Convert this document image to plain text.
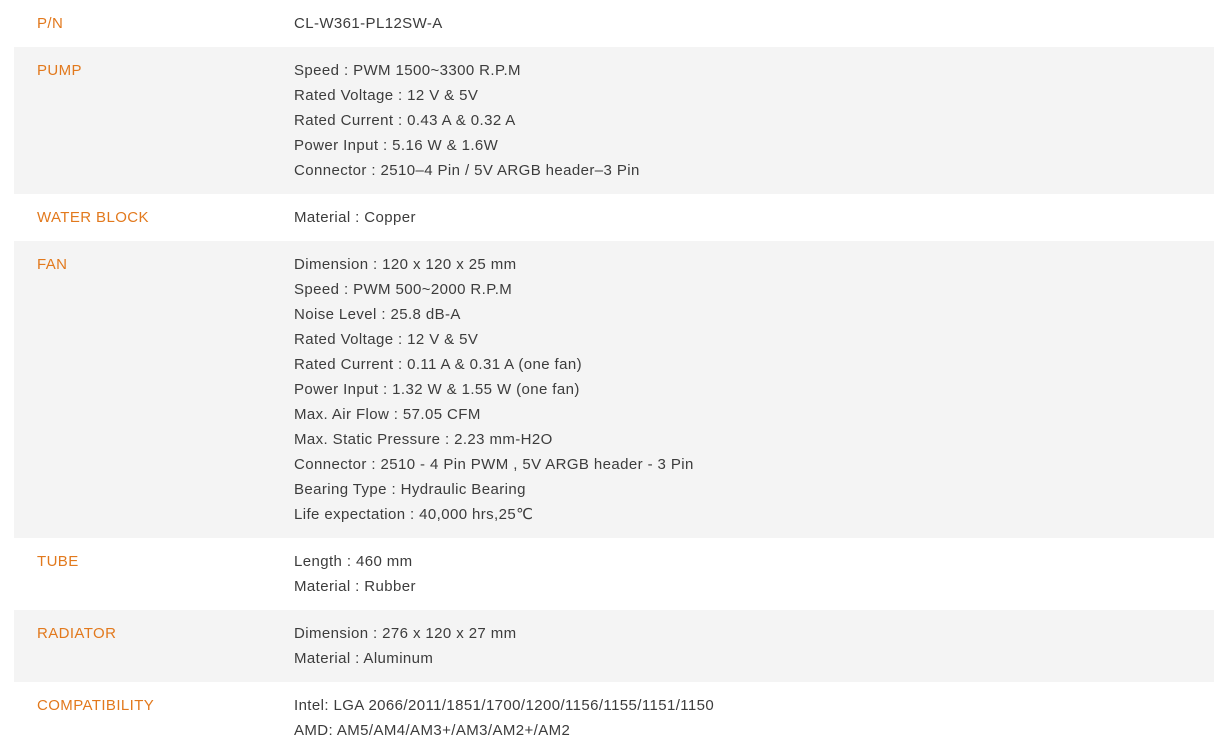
P/N	CL-W361-PL12SW-A
PUMP	Speed : PWM 1500~3300 R.P.M
Rated Voltage : 12 V & 5V
Rated Current : 0.43 A & 0.32 A
Power Input : 5.16 W & 1.6W
Connector : 2510–4 Pin / 5V ARGB header–3 Pin
WATER BLOCK	Material : Copper
FAN	Dimension : 120 x 120 x 25 mm
Speed : PWM 500~2000 R.P.M
Noise Level : 25.8 dB-A
Rated Voltage : 12 V & 5V
Rated Current : 0.11 A & 0.31 A (one fan)
Power Input : 1.32 W & 1.55 W (one fan)
Max. Air Flow : 57.05 CFM
Max. Static Pressure : 2.23 mm-H2O
Connector : 2510 - 4 Pin PWM , 5V ARGB header - 3 Pin
Bearing Type : Hydraulic Bearing
Life expectation : 40,000 hrs,25℃
TUBE	Length : 460 mm
Material : Rubber
RADIATOR	Dimension : 276 x 120 x 27 mm
Material : Aluminum
COMPATIBILITY	Intel: LGA 2066/2011/1851/1700/1200/1156/1155/1151/1150
AMD: AM5/AM4/AM3+/AM3/AM2+/AM2
